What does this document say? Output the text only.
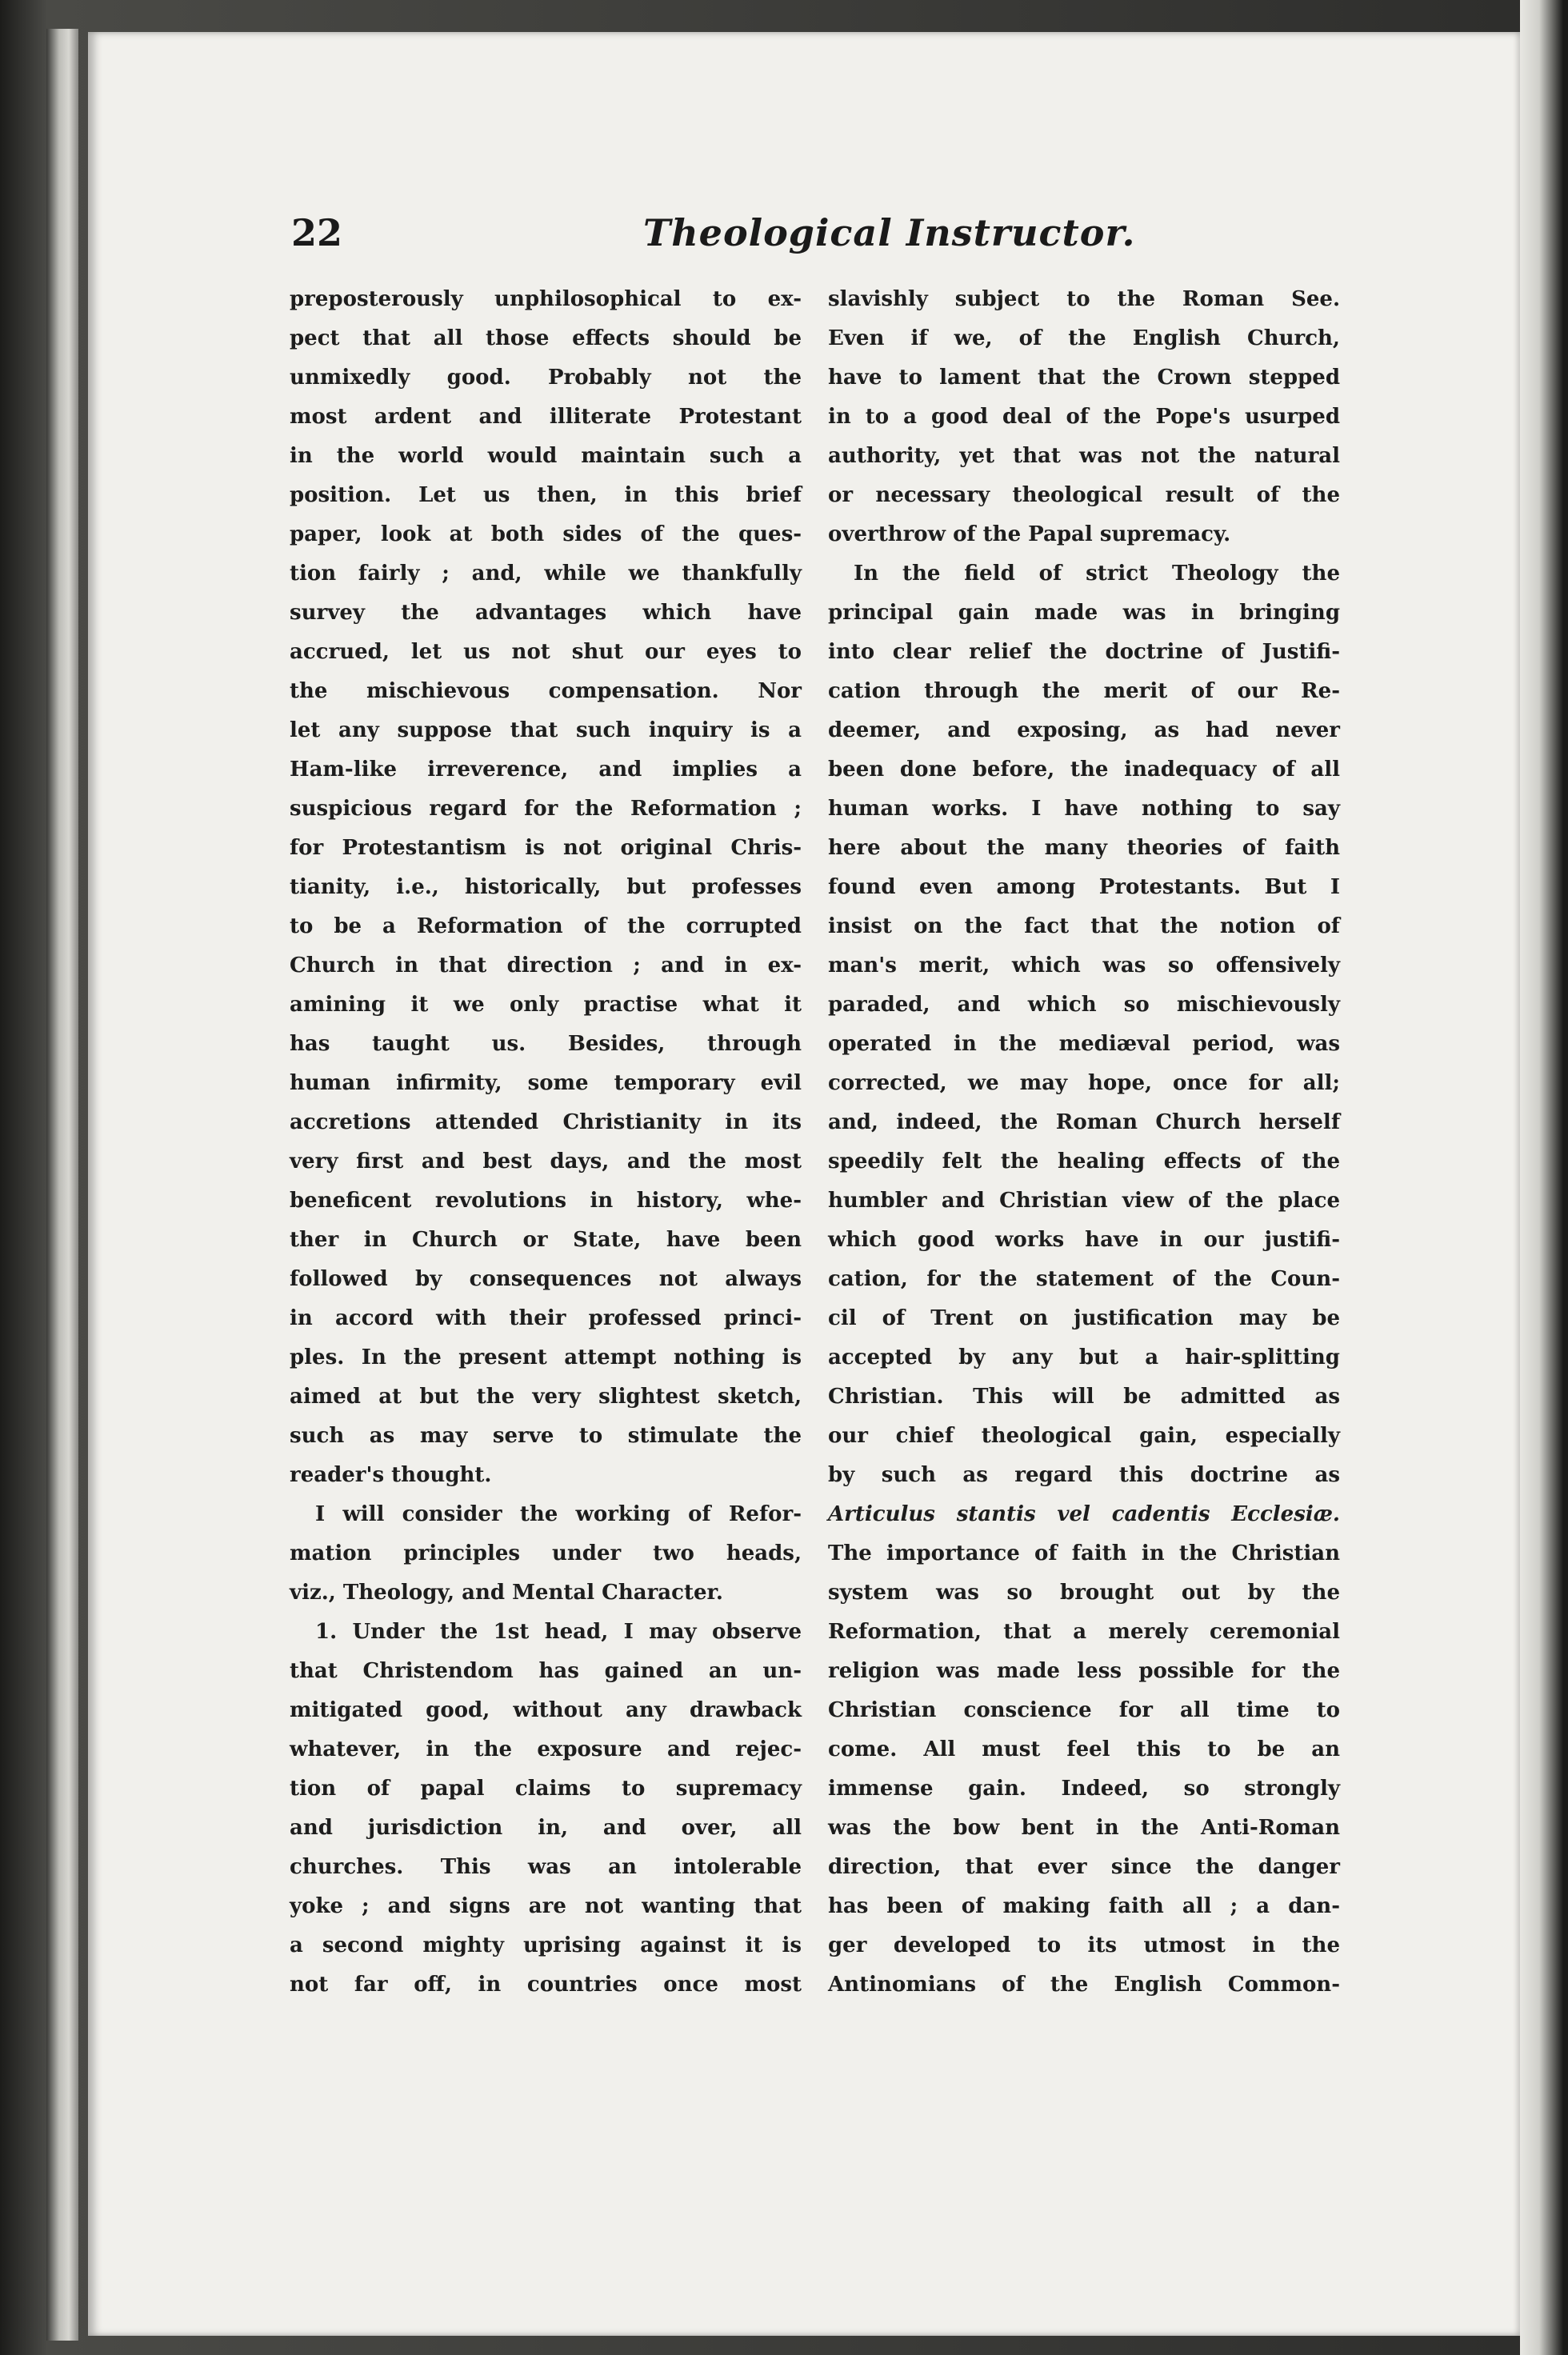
22	Theological Instructor.
preposterously unphilosophical to ex-
pect that all those effects should be
unmixedly good. Probably not the
most ardent and illiterate Protestant
in the world would maintain such a
position. Let us then, in this brief
paper, look at both sides of the ques-
tion fairly ; and, while we thankfully
survey the advantages which have
accrued, let us not shut our eyes to
the mischievous compensation. Nor
let any suppose that such inquiry is a
Ham-like irreverence, and implies a
suspicious regard for the Reformation ;
for Protestantism is not original Chris-
tianity, i.e., historically, but professes
to be a Reformation of the corrupted
Church in that direction ; and in ex-
amining it we only practise what it
has taught us. Besides, through
human infirmity, some temporary evil
accretions attended Christianity in its
very first and best days, and the most
beneficent revolutions in history, whe-
ther in Church or State, have been
followed by consequences not always
in accord with their professed princi-
ples. In the present attempt nothing is
aimed at but the very slightest sketch,
such as may serve to stimulate the
reader's thought.
I will consider the working of Refor-
mation principles under two heads,
viz., Theology, and Mental Character.
1. Under the 1st head, I may observe
that Christendom has gained an un-
mitigated good, without any drawback
whatever, in the exposure and rejec-
tion of papal claims to supremacy
and jurisdiction in, and over, all
churches. This was an intolerable
yoke ; and signs are not wanting that
a second mighty uprising against it is
not far off, in countries once most
slavishly subject to the Roman See.
Even if we, of the English Church,
have to lament that the Crown stepped
in to a good deal of the Pope's usurped
authority, yet that was not the natural
or necessary theological result of the
overthrow of the Papal supremacy.
In the field of strict Theology the
principal gain made was in bringing
into clear relief the doctrine of Justifi-
cation through the merit of our Re-
deemer, and exposing, as had never
been done before, the inadequacy of all
human works. I have nothing to say
here about the many theories of faith
found even among Protestants. But I
insist on the fact that the notion of
man's merit, which was so offensively
paraded, and which so mischievously
operated in the mediæval period, was
corrected, we may hope, once for all;
and, indeed, the Roman Church herself
speedily felt the healing effects of the
humbler and Christian view of the place
which good works have in our justifi-
cation, for the statement of the Coun-
cil of Trent on justification may be
accepted by any but a hair-splitting
Christian. This will be admitted as
our chief theological gain, especially
by such as regard this doctrine as
Articulus stantis vel cadentis Ecclesiæ.
The importance of faith in the Christian
system was so brought out by the
Reformation, that a merely ceremonial
religion was made less possible for the
Christian conscience for all time to
come. All must feel this to be an
immense gain. Indeed, so strongly
was the bow bent in the Anti-Roman
direction, that ever since the danger
has been of making faith all ; a dan-
ger developed to its utmost in the
Antinomians of the English Common-
